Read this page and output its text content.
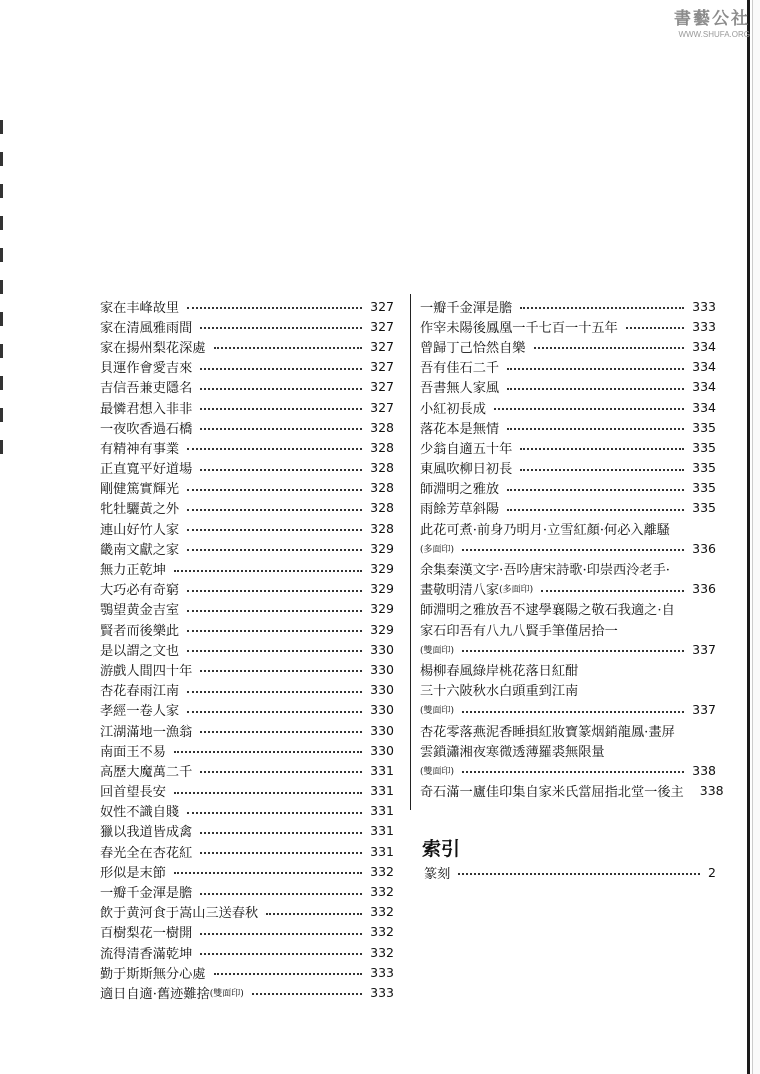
書藝公社
WWW.SHUFA.ORG
家在丰峰故里	327
家在清風雅雨間	327
家在揚州梨花深處	327
貝運作會愛吉來	327
吉信吾兼吏隱名	327
最憐君想入非非	327
一夜吹香過石橋	328
有精神有事業	328
正直寬平好道場	328
剛健篤實輝光	328
牝牡驪黃之外	328
連山好竹人家	328
畿南文獻之家	329
無力正乾坤	329
大巧必有奇窮	329
鶚望黄金吉室	329
賢者而後樂此	329
是以謂之文也	330
游戲人間四十年	330
杏花春雨江南	330
孝經一卷人家	330
江湖滿地一漁翁	330
南面王不易	330
高歷大魔萬二千	331
回首望長安	331
奴性不識自賤	331
獵以我道皆成禽	331
春光全在杏花紅	331
形似是末節	332
一瓣千金渾是膽	332
飲于黄河食于嵩山三送春秋	332
百樹梨花一樹開	332
流得清香滿乾坤	332
勤于斯斯無分心處	333
適日自適·舊迹難捨 (雙面印)	333
一瓣千金渾是膽	333
作宰未陽後鳳凰一千七百一十五年	333
曾歸丁己恰然自樂	334
吾有佳石二千	334
吾書無人家風	334
小紅初長成	334
落花本是無情	335
少翁自適五十年	335
東風吹柳日初長	335
師淵明之雅放	335
雨餘芳草斜陽	335
此花可煮·前身乃明月·立雪紅顏·何必入離騷
(多面印)	336
余集秦漢文字·吾吟唐宋詩歌·印崇西泠老手·
畫敬明清八家 (多面印)	336
師淵明之雅放吾不逮學襄陽之敬石我適之·自
家石印吾有八九八賢手筆僅居拾一
(雙面印)	337
楊柳春風綠岸桃花落日紅酣
三十六陂秋水白頭重到江南
(雙面印)	337
杏花零落燕泥香睡損紅妝寶篆烟銷龍鳳·畫屏
雲鎖瀟湘夜寒微透薄羅裘無限量
(雙面印)	338
奇石滿一廬佳印集自家米氏當屈指北堂一後主 338
索引
篆刻	2
